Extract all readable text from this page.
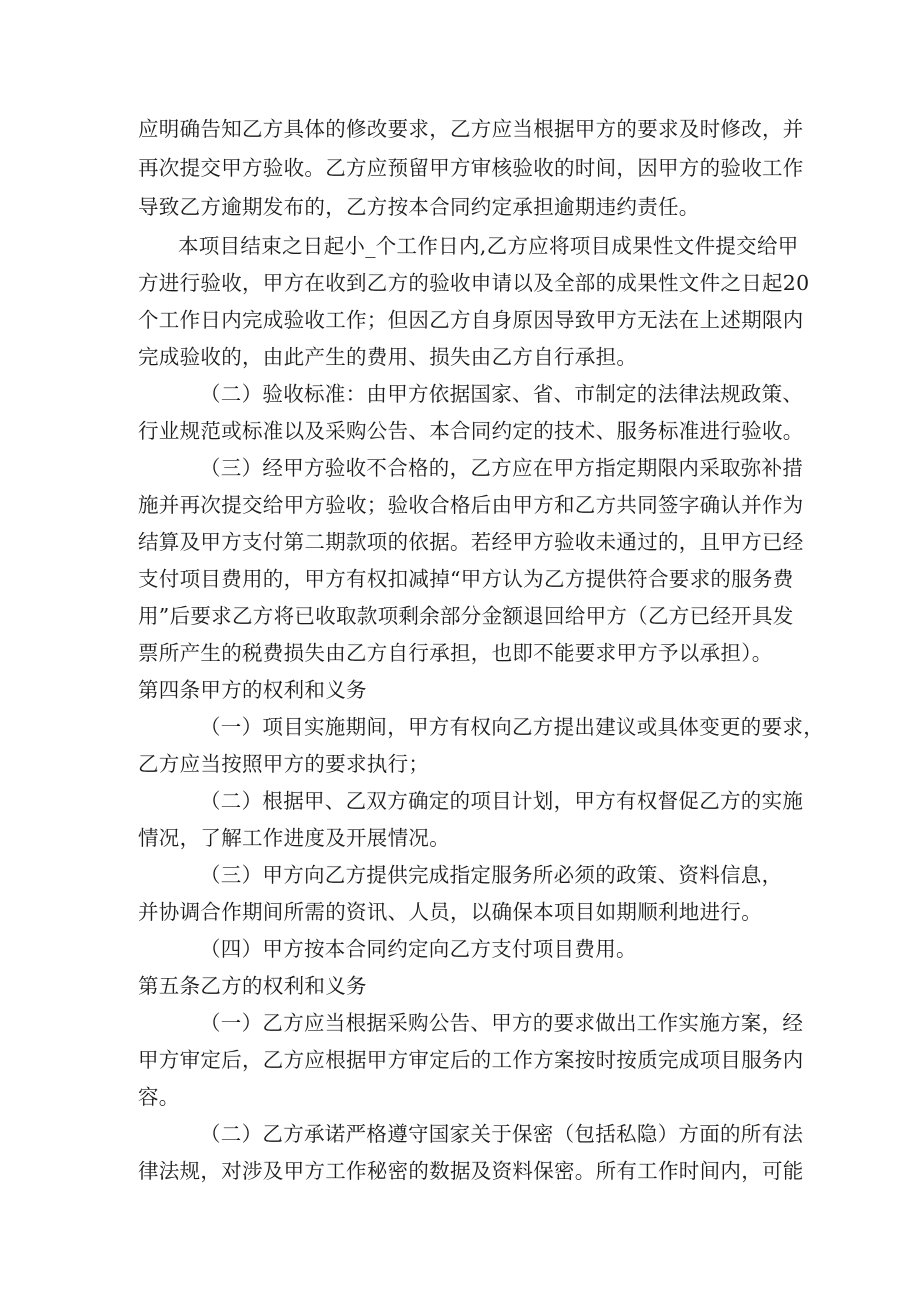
应明确告知乙方具体的修改要求，乙方应当根据甲方的要求及时修改，并
再次提交甲方验收。乙方应预留甲方审核验收的时间，因甲方的验收工作
导致乙方逾期发布的，乙方按本合同约定承担逾期违约责任。
本项目结束之日起小_个工作日内,乙方应将项目成果性文件提交给甲
方进行验收，甲方在收到乙方的验收申请以及全部的成果性文件之日起20
个工作日内完成验收工作；但因乙方自身原因导致甲方无法在上述期限内
完成验收的，由此产生的费用、损失由乙方自行承担。
（二）验收标准：由甲方依据国家、省、市制定的法律法规政策、
行业规范或标准以及采购公告、本合同约定的技术、服务标准进行验收。
（三）经甲方验收不合格的，乙方应在甲方指定期限内采取弥补措
施并再次提交给甲方验收；验收合格后由甲方和乙方共同签字确认并作为
结算及甲方支付第二期款项的依据。若经甲方验收未通过的，且甲方已经
支付项目费用的，甲方有权扣减掉“甲方认为乙方提供符合要求的服务费
用”后要求乙方将已收取款项剩余部分金额退回给甲方（乙方已经开具发
票所产生的税费损失由乙方自行承担，也即不能要求甲方予以承担）。
第四条甲方的权利和义务
（一）项目实施期间，甲方有权向乙方提出建议或具体变更的要求，
乙方应当按照甲方的要求执行；
（二）根据甲、乙双方确定的项目计划，甲方有权督促乙方的实施
情况，了解工作进度及开展情况。
（三）甲方向乙方提供完成指定服务所必须的政策、资料信息，
并协调合作期间所需的资讯、人员，以确保本项目如期顺利地进行。
（四）甲方按本合同约定向乙方支付项目费用。
第五条乙方的权利和义务
（一）乙方应当根据采购公告、甲方的要求做出工作实施方案，经
甲方审定后，乙方应根据甲方审定后的工作方案按时按质完成项目服务内
容。
（二）乙方承诺严格遵守国家关于保密（包括私隐）方面的所有法
律法规，对涉及甲方工作秘密的数据及资料保密。所有工作时间内，可能
